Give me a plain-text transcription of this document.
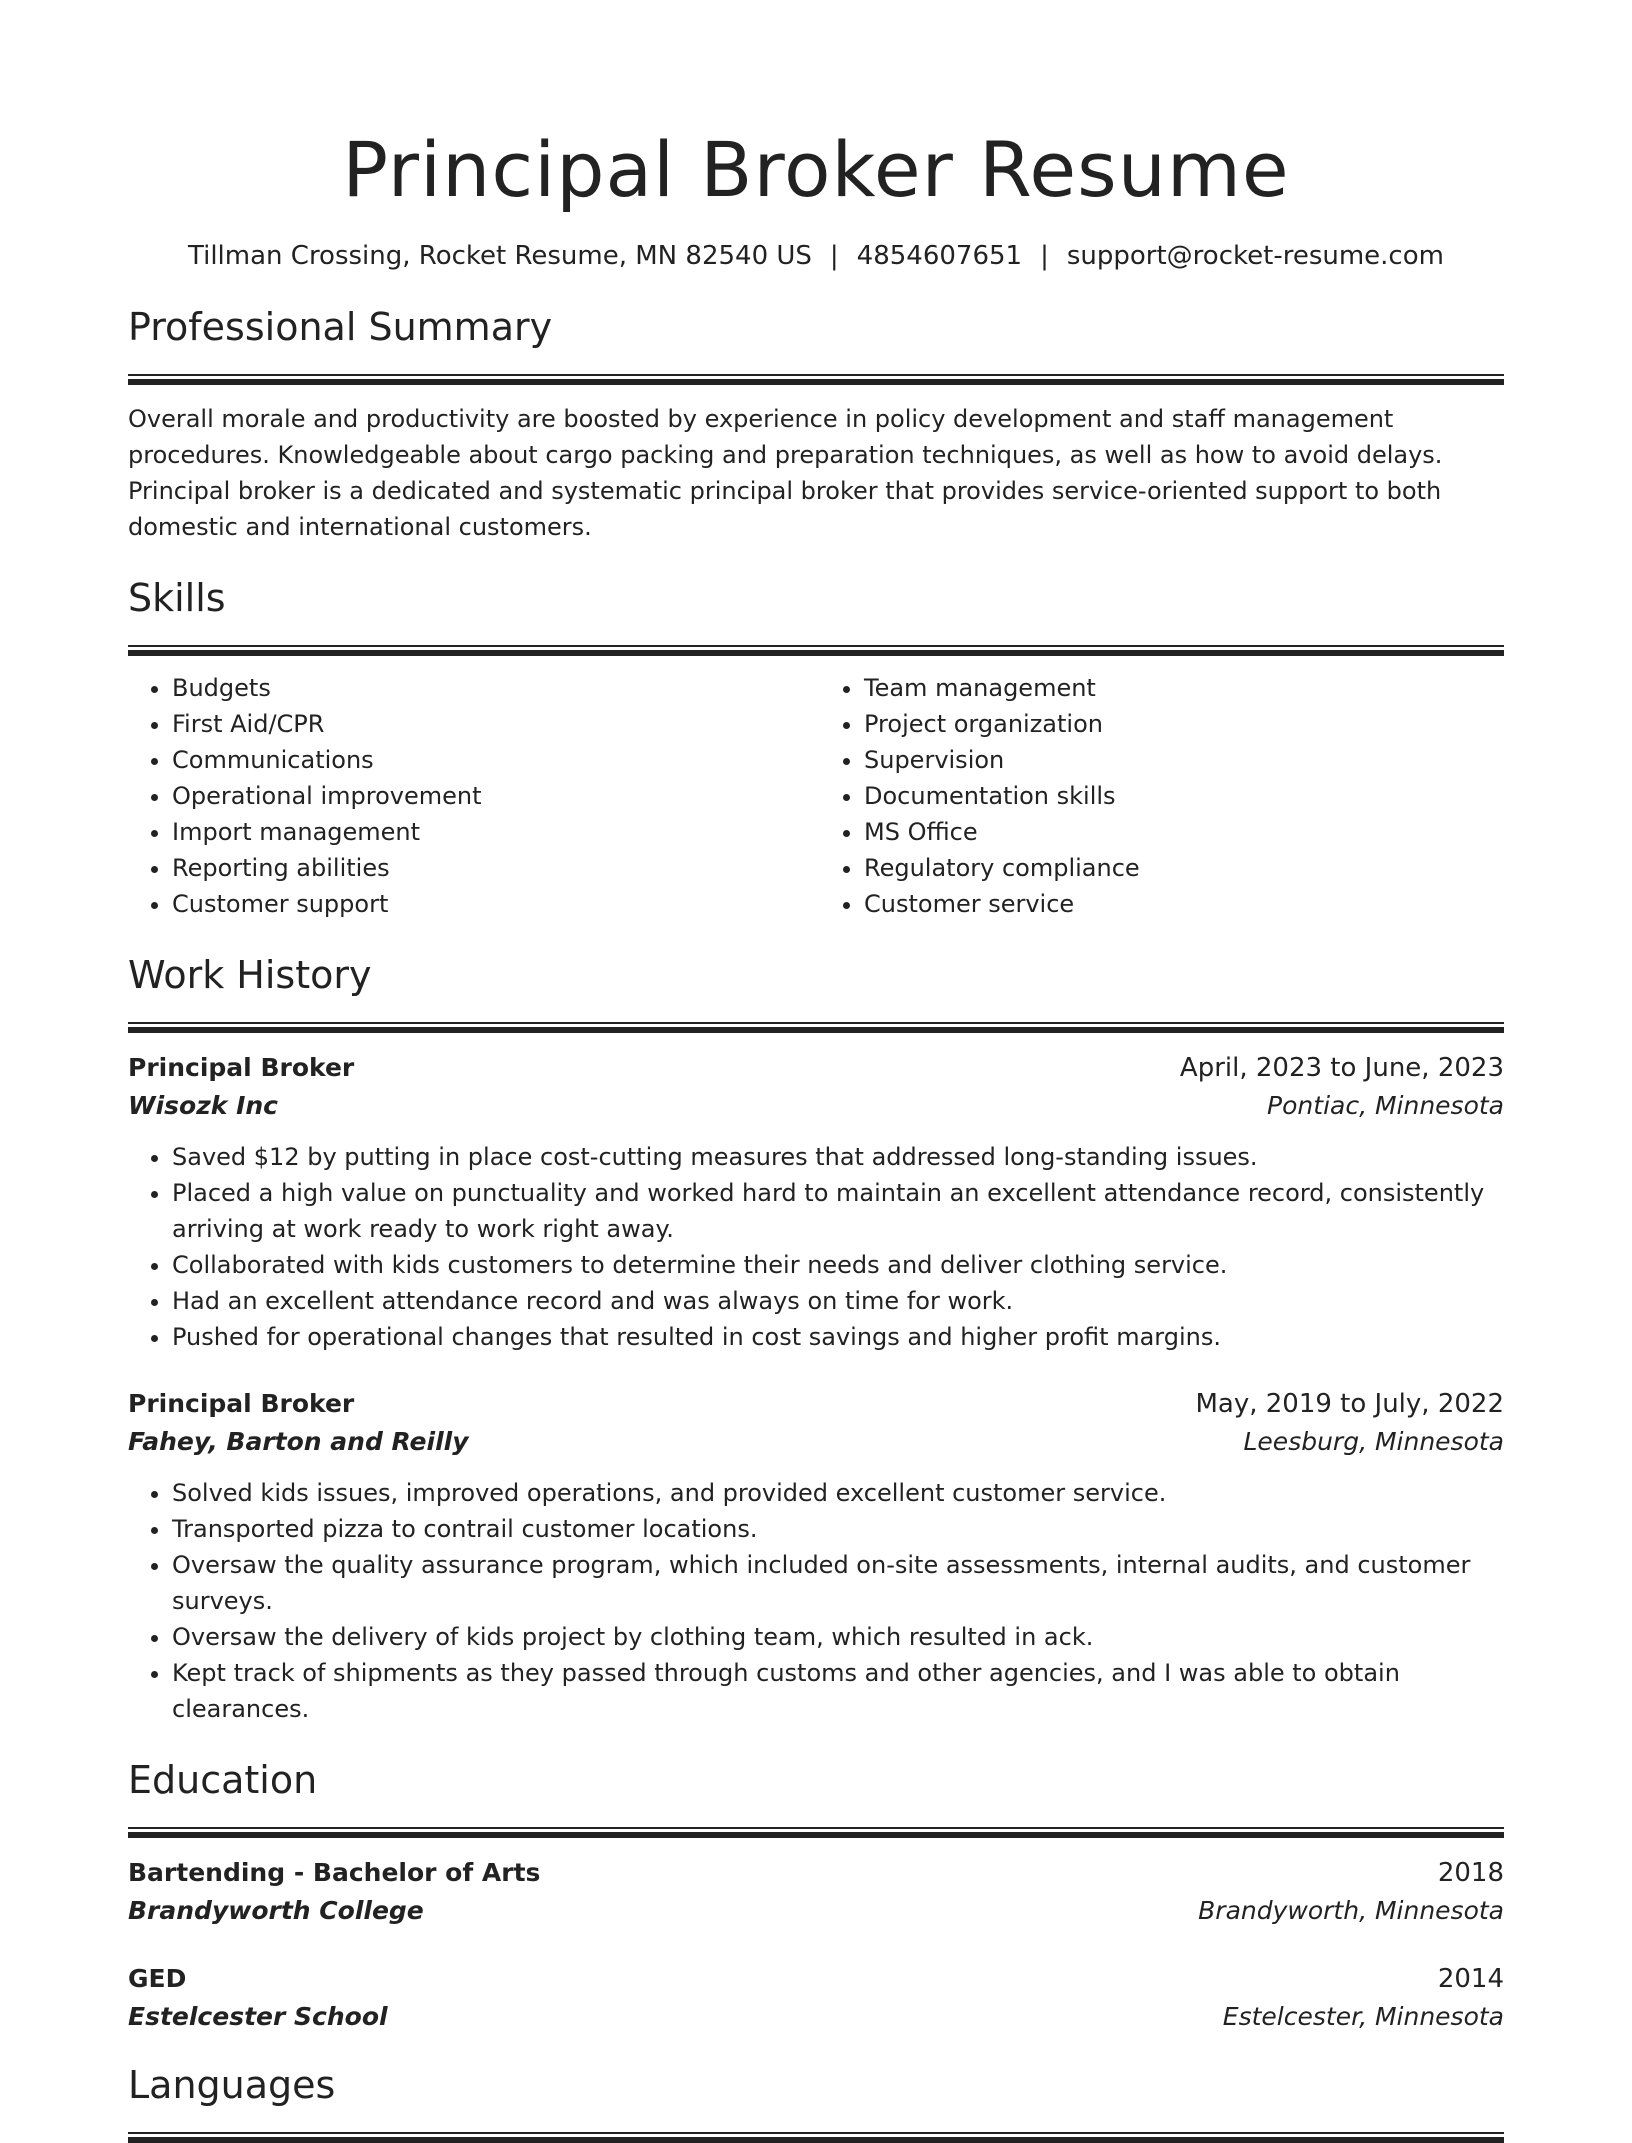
Principal Broker Resume
Tillman Crossing, Rocket Resume, MN 82540 US | 4854607651 | support@rocket-resume.com
Professional Summary

Overall morale and productivity are boosted by experience in policy development and staff management procedures. Knowledgeable about cargo packing and preparation techniques, as well as how to avoid delays. Principal broker is a dedicated and systematic principal broker that provides service-oriented support to both domestic and international customers.

Skills
• Budgets
• First Aid/CPR
• Communications
• Operational improvement
• Import management
• Reporting abilities
• Customer support
• Team management
• Project organization
• Supervision
• Documentation skills
• MS Office
• Regulatory compliance
• Customer service
Work History
Principal Broker	April, 2023 to June, 2023
Wisozk Inc	Pontiac, Minnesota
• Saved $12 by putting in place cost-cutting measures that addressed long-standing issues.
• Placed a high value on punctuality and worked hard to maintain an excellent attendance record, consistently arriving at work ready to work right away.
• Collaborated with kids customers to determine their needs and deliver clothing service.
• Had an excellent attendance record and was always on time for work.
• Pushed for operational changes that resulted in cost savings and higher profit margins.
Principal Broker	May, 2019 to July, 2022
Fahey, Barton and Reilly	Leesburg, Minnesota
• Solved kids issues, improved operations, and provided excellent customer service.
• Transported pizza to contrail customer locations.
• Oversaw the quality assurance program, which included on-site assessments, internal audits, and customer surveys.
• Oversaw the delivery of kids project by clothing team, which resulted in ack.
• Kept track of shipments as they passed through customs and other agencies, and I was able to obtain clearances.
Education
Bartending - Bachelor of Arts	2018
Brandyworth College	Brandyworth, Minnesota
GED	2014
Estelcester School	Estelcester, Minnesota
Languages
